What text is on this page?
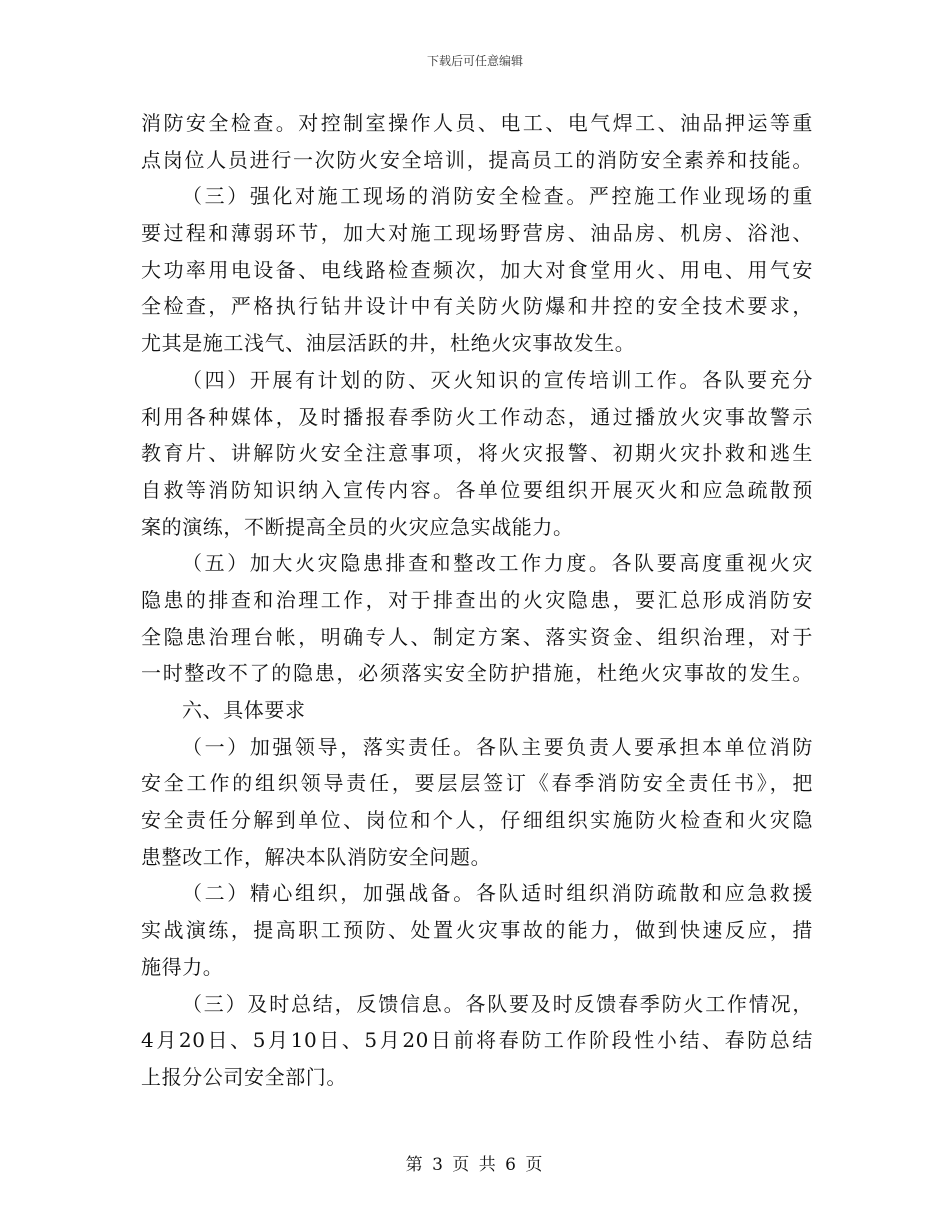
下载后可任意编辑
消防安全检查。对控制室操作人员、电工、电气焊工、油品押运等重
点岗位人员进行一次防火安全培训，提高员工的消防安全素养和技能。
（三）强化对施工现场的消防安全检查。严控施工作业现场的重
要过程和薄弱环节，加大对施工现场野营房、油品房、机房、浴池、
大功率用电设备、电线路检查频次，加大对食堂用火、用电、用气安
全检查，严格执行钻井设计中有关防火防爆和井控的安全技术要求，
尤其是施工浅气、油层活跃的井，杜绝火灾事故发生。
（四）开展有计划的防、灭火知识的宣传培训工作。各队要充分
利用各种媒体，及时播报春季防火工作动态，通过播放火灾事故警示
教育片、讲解防火安全注意事项，将火灾报警、初期火灾扑救和逃生
自救等消防知识纳入宣传内容。各单位要组织开展灭火和应急疏散预
案的演练，不断提高全员的火灾应急实战能力。
（五）加大火灾隐患排查和整改工作力度。各队要高度重视火灾
隐患的排查和治理工作，对于排查出的火灾隐患，要汇总形成消防安
全隐患治理台帐，明确专人、制定方案、落实资金、组织治理，对于
一时整改不了的隐患，必须落实安全防护措施，杜绝火灾事故的发生。
六、具体要求
（一）加强领导，落实责任。各队主要负责人要承担本单位消防
安全工作的组织领导责任，要层层签订《春季消防安全责任书》，把
安全责任分解到单位、岗位和个人，仔细组织实施防火检查和火灾隐
患整改工作，解决本队消防安全问题。
（二）精心组织，加强战备。各队适时组织消防疏散和应急救援
实战演练，提高职工预防、处置火灾事故的能力，做到快速反应，措
施得力。
（三）及时总结，反馈信息。各队要及时反馈春季防火工作情况，
4月20日、5月10日、5月20日前将春防工作阶段性小结、春防总结
上报分公司安全部门。
第 3 页 共 6 页
